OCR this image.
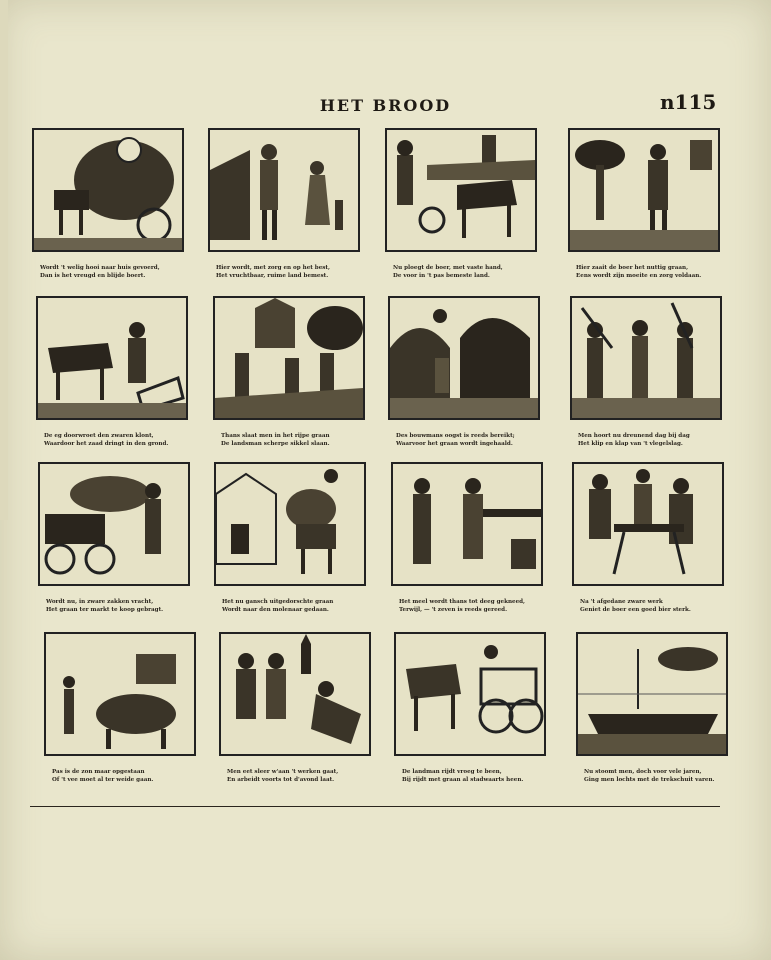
HET BROOD	n115
Wordt 't welig hooi naar huis gevoerd,
Dan is het vreugd en blijde boert.
Hier wordt, met zorg en op het best,
Het vruchtbaar, ruime land bemest.
Nu ploegt de boer, met vaste hand,
De voor in 't pas bemeste land.
Hier zaait de boer het nuttig graan,
Eens wordt zijn moeite en zorg voldaan.
De eg doorwroet den zwaren klont,
Waardoor het zaad dringt in den grond.
Thans slaat men in het rijpe graan
De landsman scherpe sikkel slaan.
Des bouwmans oogst is reeds bereikt;
Waarvoor het graan wordt ingehaald.
Men hoort nu dreunend dag bij dag
Het klip en klap van 't vlegelslag.
Wordt nu, in zware zakken vracht,
Het graan ter markt te koop gebragt.
Het nu gansch uitgedorschte graan
Wordt naar den molenaar gedaan.
Het meel wordt thans tot deeg gekneed,
Terwijl, — 't zeven is reeds gereed.
Na 't afgedane zware werk
Geniet de boer een goed bier sterk.
Pas is de zon maar opgestaan
Of 't vee moet al ter weide gaan.
Men eet sleer w'aan 't werken gaat,
En arbeidt voorts tot d'avond laat.
De landman rijdt vroeg te been,
Bij rijdt met graan al stadwaarts heen.
Nu stoomt men, doch voor vele jaren,
Ging men lochts met de trekschuit varen.
